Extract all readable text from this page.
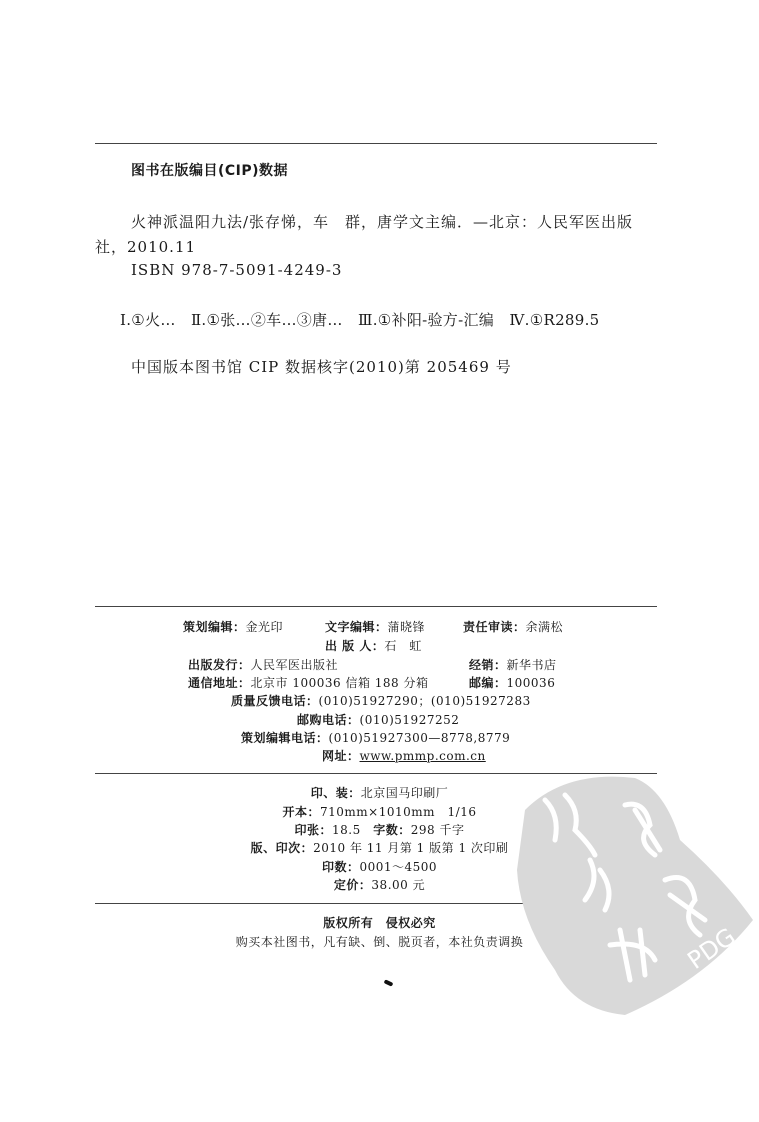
图书在版编目(CIP)数据
火神派温阳九法/张存悌，车　群，唐学文主编．—北京：人民军医出版
社，2010.11
ISBN 978-7-5091-4249-3
Ⅰ.①火…　Ⅱ.①张…②车…③唐…　Ⅲ.①补阳-验方-汇编　Ⅳ.①R289.5
中国版本图书馆 CIP 数据核字(2010)第 205469 号
策划编辑：金光印	文字编辑：蒲晓锋	责任审读：余满松
出 版 人：石　虹
出版发行：人民军医出版社	经销：新华书店
通信地址：北京市 100036 信箱 188 分箱	邮编：100036
质量反馈电话：(010)51927290；(010)51927283
邮购电话：(010)51927252
策划编辑电话：(010)51927300—8778,8779
网址：www.pmmp.com.cn
印、装：北京国马印刷厂
开本：710mm×1010mm　1/16
印张：18.5　 字数：298 千字
版、印次：2010 年 11 月第 1 版第 1 次印刷
印数：0001～4500
定价：38.00 元
版权所有　侵权必究
购买本社图书，凡有缺、倒、脱页者，本社负责调换	PDG
